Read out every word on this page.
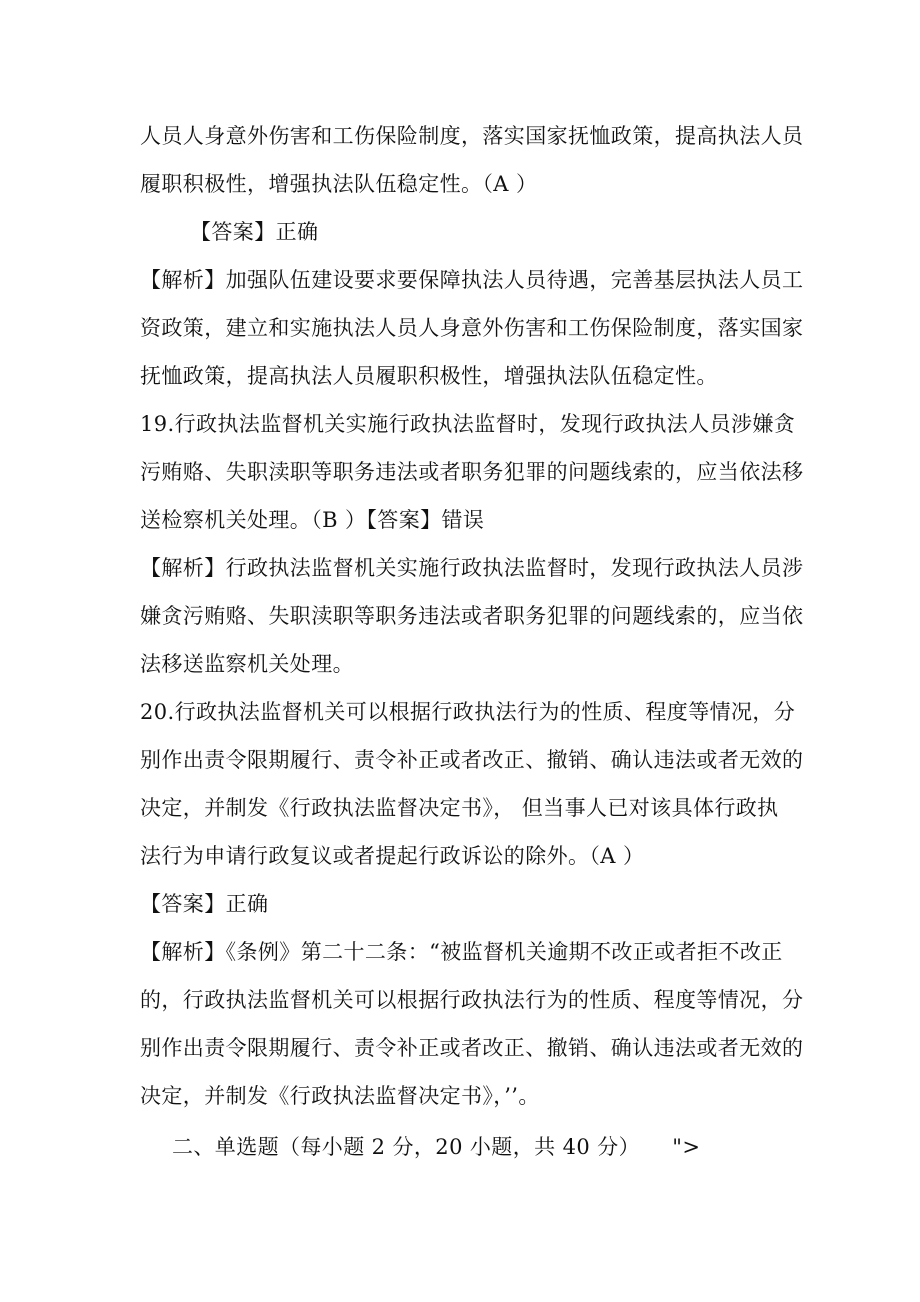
人员人身意外伤害和工伤保险制度，落实国家抚恤政策，提高执法人员
履职积极性，增强执法队伍稳定性。（A ）
【答案】正确
【解析】加强队伍建设要求要保障执法人员待遇，完善基层执法人员工
资政策，建立和实施执法人员人身意外伤害和工伤保险制度，落实国家
抚恤政策，提高执法人员履职积极性，增强执法队伍稳定性。
19.行政执法监督机关实施行政执法监督时，发现行政执法人员涉嫌贪
污贿赂、失职渎职等职务违法或者职务犯罪的问题线索的，应当依法移
送检察机关处理。（B ）【答案】错误
【解析】行政执法监督机关实施行政执法监督时，发现行政执法人员涉
嫌贪污贿赂、失职渎职等职务违法或者职务犯罪的问题线索的，应当依
法移送监察机关处理。
20.行政执法监督机关可以根据行政执法行为的性质、程度等情况，分
别作出责令限期履行、责令补正或者改正、撤销、确认违法或者无效的
决定，并制发《行政执法监督决定书》， 但当事人已对该具体行政执
法行为申请行政复议或者提起行政诉讼的除外。（A ）
【答案】正确
【解析】《条例》第二十二条：“被监督机关逾期不改正或者拒不改正
的，行政执法监督机关可以根据行政执法行为的性质、程度等情况，分
别作出责令限期履行、责令补正或者改正、撤销、确认违法或者无效的
决定，并制发《行政执法监督决定书》，’’。
二、单选题（每小题 2 分，20 小题，共 40 分）　　">
